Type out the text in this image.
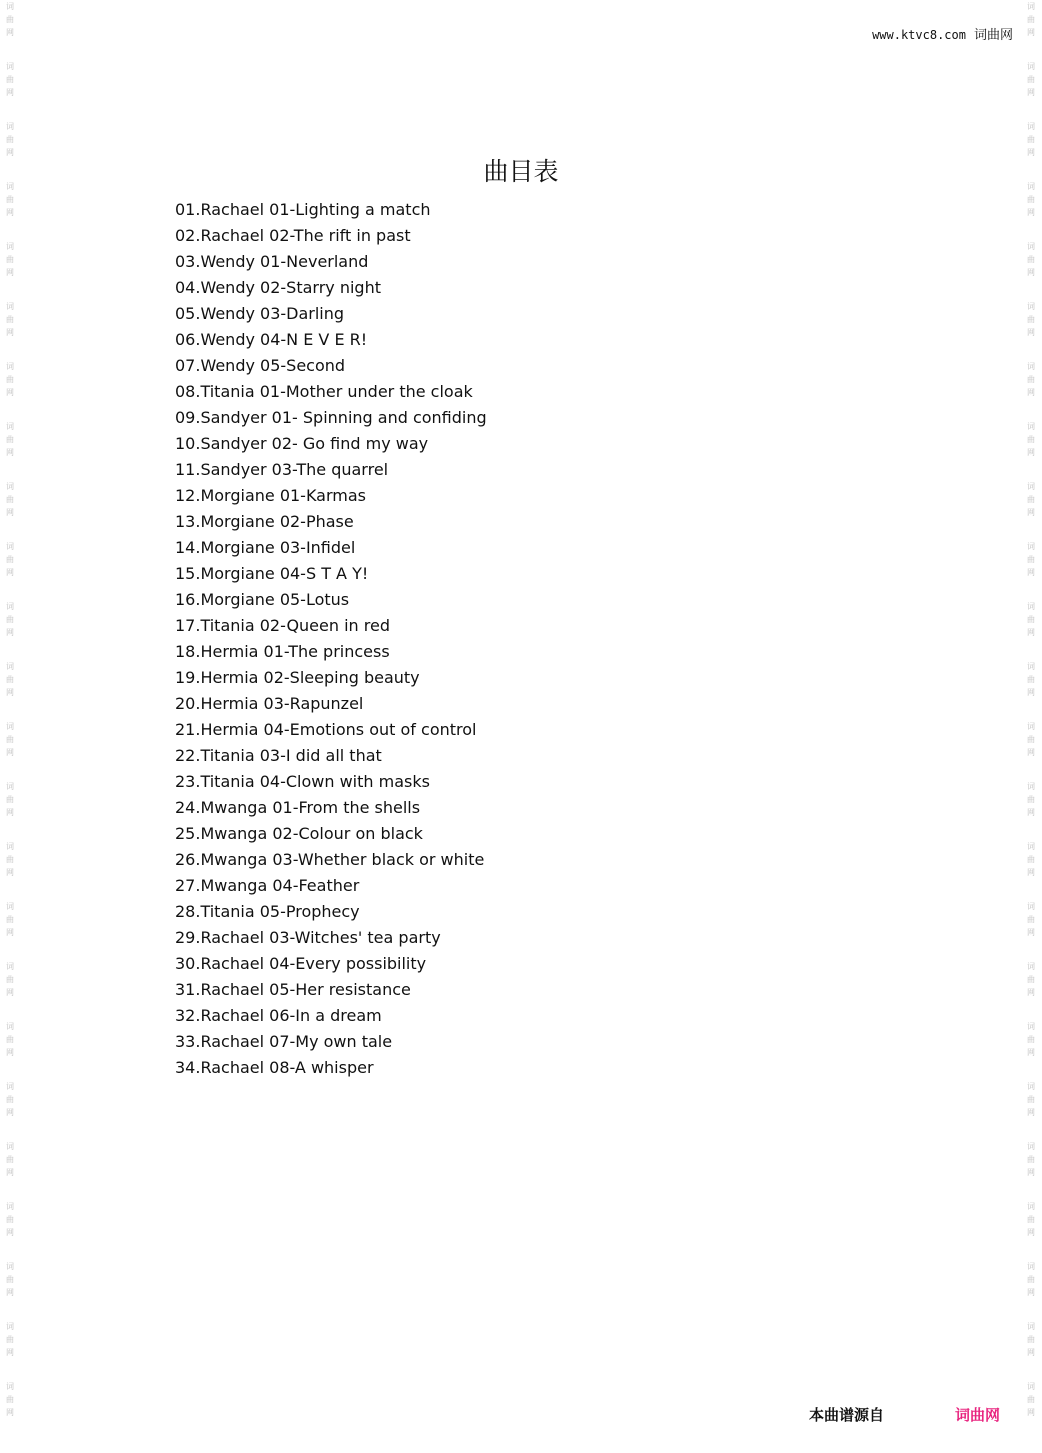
词
曲
网
词
曲
网
词
曲
网
词
曲
网
词
曲
网
词
曲
网
词
曲
网
词
曲
网
词
曲
网
词
曲
网
词
曲
网
词
曲
网
词
曲
网
词
曲
网
词
曲
网
词
曲
网
词
曲
网
词
曲
网
词
曲
网
词
曲
网
词
曲
网
词
曲
网
词
曲
网
词
曲
网
词
曲
网
词
曲
网
词
曲
网
词
曲
网
词
曲
网
词
曲
网
词
曲
网
词
曲
网
词
曲
网
词
曲
网
词
曲
网
词
曲
网
词
曲
网
词
曲
网
词
曲
网
词
曲
网
词
曲
网
词
曲
网
词
曲
网
词
曲
网
词
曲
网
词
曲
网
词
曲
网
词
曲
网
www.ktvc8.com 词曲网
曲目表
01.Rachael 01-Lighting a match
02.Rachael 02-The rift in past
03.Wendy 01-Neverland
04.Wendy 02-Starry night
05.Wendy 03-Darling
06.Wendy 04-N E V E R!
07.Wendy 05-Second
08.Titania 01-Mother under the cloak
09.Sandyer 01- Spinning and confiding
10.Sandyer 02- Go find my way
11.Sandyer 03-The quarrel
12.Morgiane 01-Karmas
13.Morgiane 02-Phase
14.Morgiane 03-Infidel
15.Morgiane 04-S T A Y!
16.Morgiane 05-Lotus
17.Titania 02-Queen in red
18.Hermia 01-The princess
19.Hermia 02-Sleeping beauty
20.Hermia 03-Rapunzel
21.Hermia 04-Emotions out of control
22.Titania 03-I did all that
23.Titania 04-Clown with masks
24.Mwanga 01-From the shells
25.Mwanga 02-Colour on black
26.Mwanga 03-Whether black or white
27.Mwanga 04-Feather
28.Titania 05-Prophecy
29.Rachael 03-Witches' tea party
30.Rachael 04-Every possibility
31.Rachael 05-Her resistance
32.Rachael 06-In a dream
33.Rachael 07-My own tale
34.Rachael 08-A whisper
本曲谱源自	词曲网
